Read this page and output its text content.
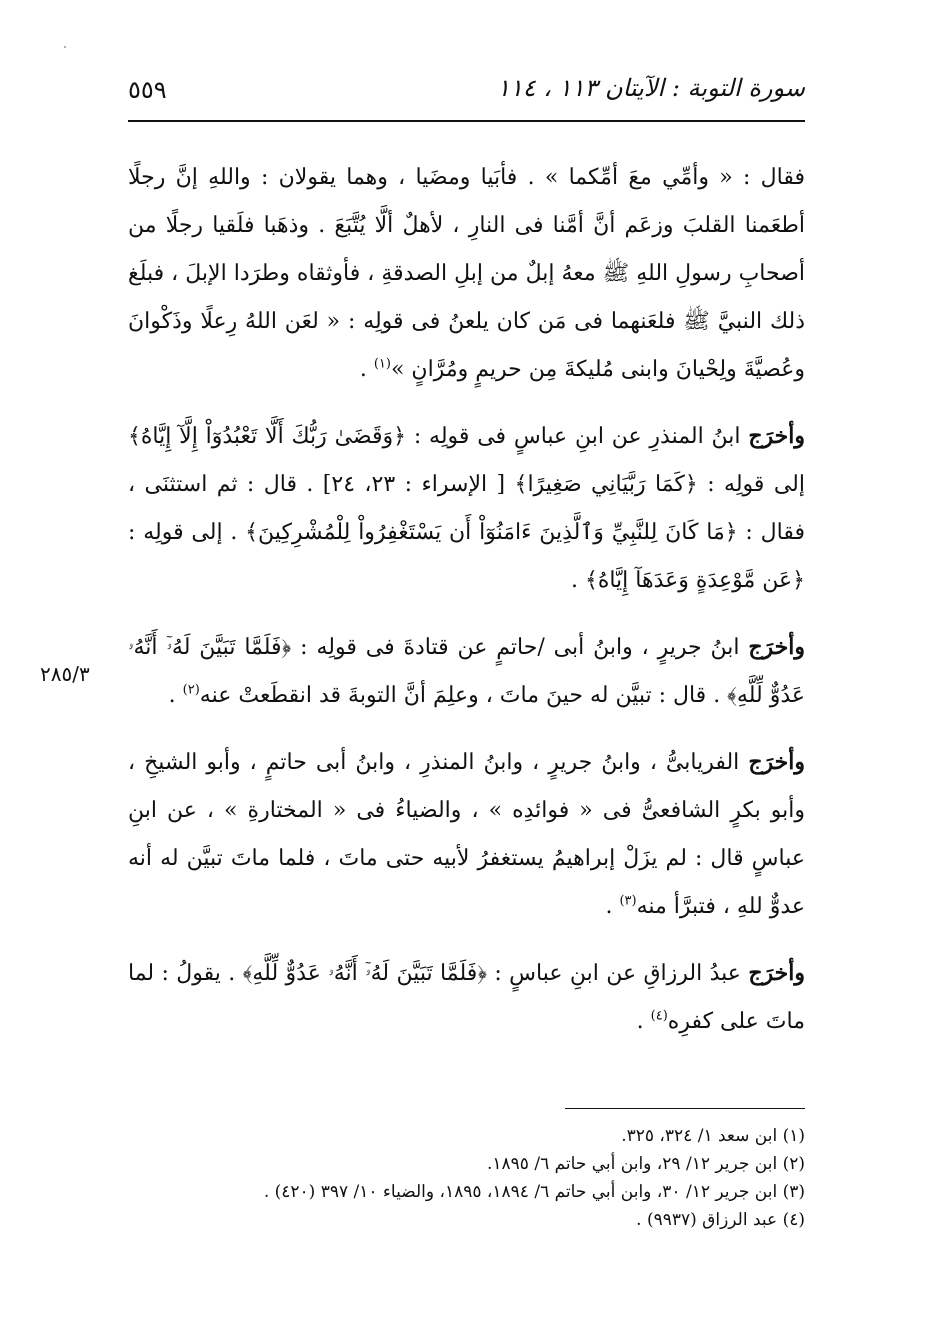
٥٥٩	سورة التوبة : الآيتان ١١٣ ، ١١٤

فقال : « وأمِّي معَ أمِّكما » . فأبَيا ومضَيا ، وهما يقولان : واللهِ إنَّ رجلًا أطعَمنا القلبَ وزعَم أنَّ أمَّنا فى النارِ ، لأهلٌ ألَّا يُتَّبَعَ . وذهَبا فلَقيا رجلًا من أصحابِ رسولِ اللهِ ﷺ معهُ إبلٌ من إبلِ الصدقةِ ، فأوثقاه وطرَدا الإبلَ ، فبلَغ ذلك النبيَّ ﷺ فلعَنهما فى مَن كان يلعنُ فى قولِه : « لعَن اللهُ رِعلًا وذَكْوانَ وعُصيَّةَ ولِحْيانَ وابنى مُليكةَ مِن حريمٍ ومُرَّانٍ »$^{(١)}$ .

وأخرَج ابنُ المنذرِ عن ابنِ عباسٍ فى قولِه : ﴿وَقَضَىٰ رَبُّكَ أَلَّا تَعْبُدُوٓاْ إِلَّآ إِيَّاهُ﴾ إلى قولِه : ﴿كَمَا رَبَّيَانِي صَغِيرًا﴾ [ الإسراء : ٢٣، ٢٤] . قال : ثم استثنَى ، فقال : ﴿مَا كَانَ لِلنَّبِيِّ وَٱلَّذِينَ ءَامَنُوٓاْ أَن يَسْتَغْفِرُواْ لِلْمُشْرِكِينَ﴾ . إلى قولِه : ﴿عَن مَّوْعِدَةٍ وَعَدَهَآ إِيَّاهُ﴾ .

وأخرَج ابنُ جريرٍ ، وابنُ أبى /حاتمٍ عن قتادةَ فى قولِه : ﴿فَلَمَّا تَبَيَّنَ لَهُۥٓ أَنَّهُۥ عَدُوٌّ لِّلَّهِ﴾ . قال : تبيَّن له حينَ ماتَ ، وعلِمَ أنَّ التوبةَ قد انقطَعتْ عنه$^{(٢)}$ .

وأخرَج الفريابىُّ ، وابنُ جريرٍ ، وابنُ المنذرِ ، وابنُ أبى حاتمٍ ، وأبو الشيخِ ، وأبو بكرٍ الشافعىُّ فى « فوائدِه » ، والضياءُ فى « المختارةِ » ، عن ابنِ عباسٍ قال : لم يزَلْ إبراهيمُ يستغفرُ لأبيه حتى ماتَ ، فلما ماتَ تبيَّن له أنه عدوٌّ للهِ ، فتبرَّأ منه$^{(٣)}$ .

وأخرَج عبدُ الرزاقِ عن ابنِ عباسٍ : ﴿فَلَمَّا تَبَيَّنَ لَهُۥٓ أَنَّهُۥ عَدُوٌّ لِّلَّهِ﴾ . يقولُ : لما ماتَ على كفرِه$^{(٤)}$ .

٢٨٥/٣
(١) ابن سعد ١/ ٣٢٤، ٣٢٥.
(٢) ابن جرير ١٢/ ٢٩، وابن أبي حاتم ٦/ ١٨٩٥.
(٣) ابن جرير ١٢/ ٣٠، وابن أبي حاتم ٦/ ١٨٩٤، ١٨٩٥، والضياء ١٠/ ٣٩٧ (٤٢٠) .
(٤) عبد الرزاق (٩٩٣٧) .
